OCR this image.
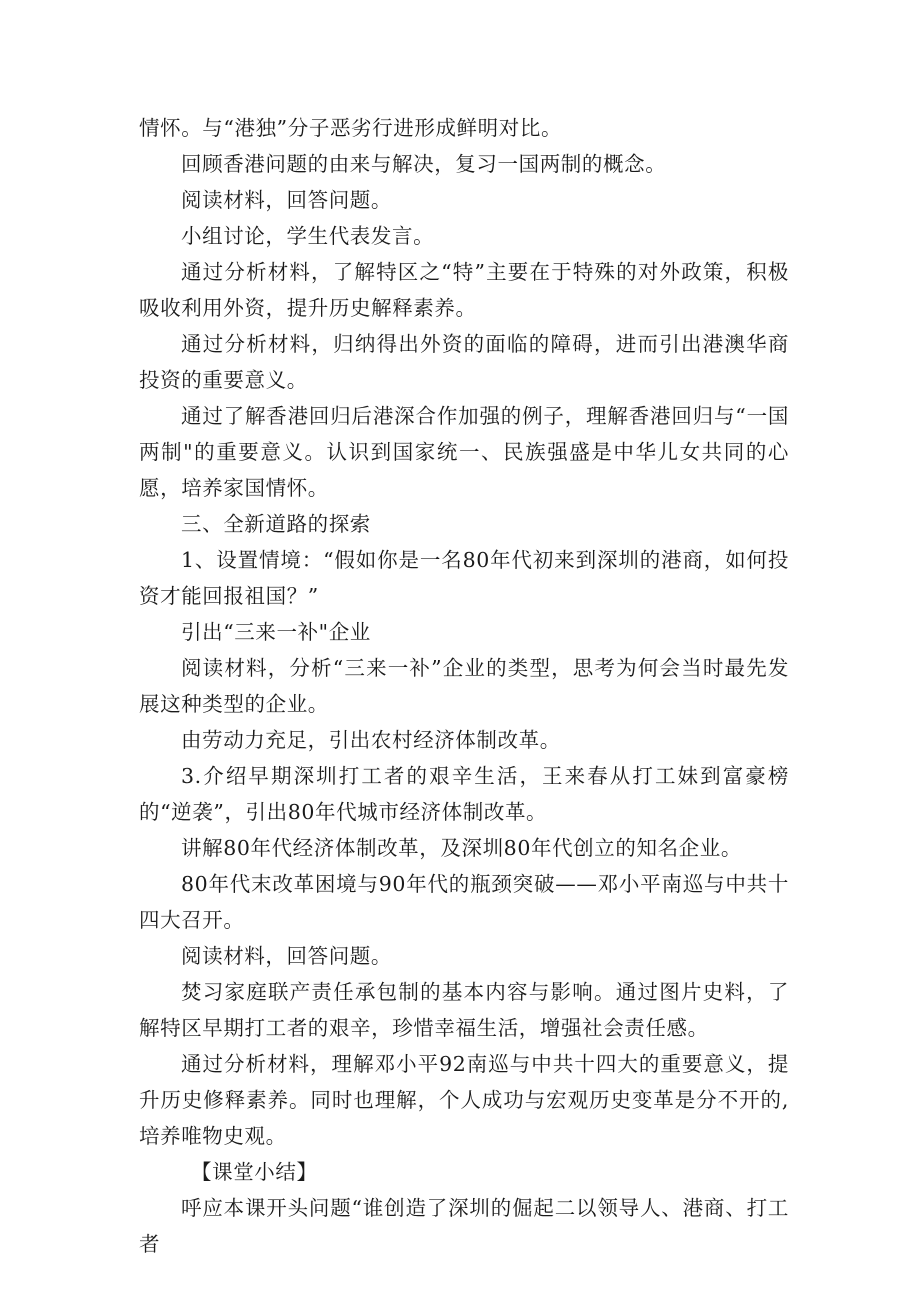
情怀。与“港独”分子恶劣行进形成鲜明对比。

回顾香港问题的由来与解决，复习一国两制的概念。

阅读材料，回答问题。

小组讨论，学生代表发言。

通过分析材料，了解特区之“特”主要在于特殊的对外政策，积极吸收利用外资，提升历史解释素养。

通过分析材料，归纳得出外资的面临的障碍，进而引出港澳华商投资的重要意义。

通过了解香港回归后港深合作加强的例子，理解香港回归与“一国两制"的重要意义。认识到国家统一、民族强盛是中华儿女共同的心愿，培养家国情怀。

三、全新道路的探索

1、设置情境：“假如你是一名80年代初来到深圳的港商，如何投资才能回报祖国？”

引出“三来一补"企业

阅读材料，分析“三来一补”企业的类型，思考为何会当时最先发展这种类型的企业。

由劳动力充足，引出农村经济体制改革。

3.介绍早期深圳打工者的艰辛生活，王来春从打工妹到富豪榜的“逆袭”，引出80年代城市经济体制改革。

讲解80年代经济体制改革，及深圳80年代创立的知名企业。

80年代末改革困境与90年代的瓶颈突破——邓小平南巡与中共十四大召开。

阅读材料，回答问题。

焚习家庭联产责任承包制的基本内容与影响。通过图片史料，了解特区早期打工者的艰辛，珍惜幸福生活，增强社会责任感。

通过分析材料，理解邓小平92南巡与中共十四大的重要意义，提升历史修释素养。同时也理解，个人成功与宏观历史变革是分不开的,培养唯物史观。

【课堂小结】

呼应本课开头问题“谁创造了深圳的倔起二以领导人、港商、打工者
